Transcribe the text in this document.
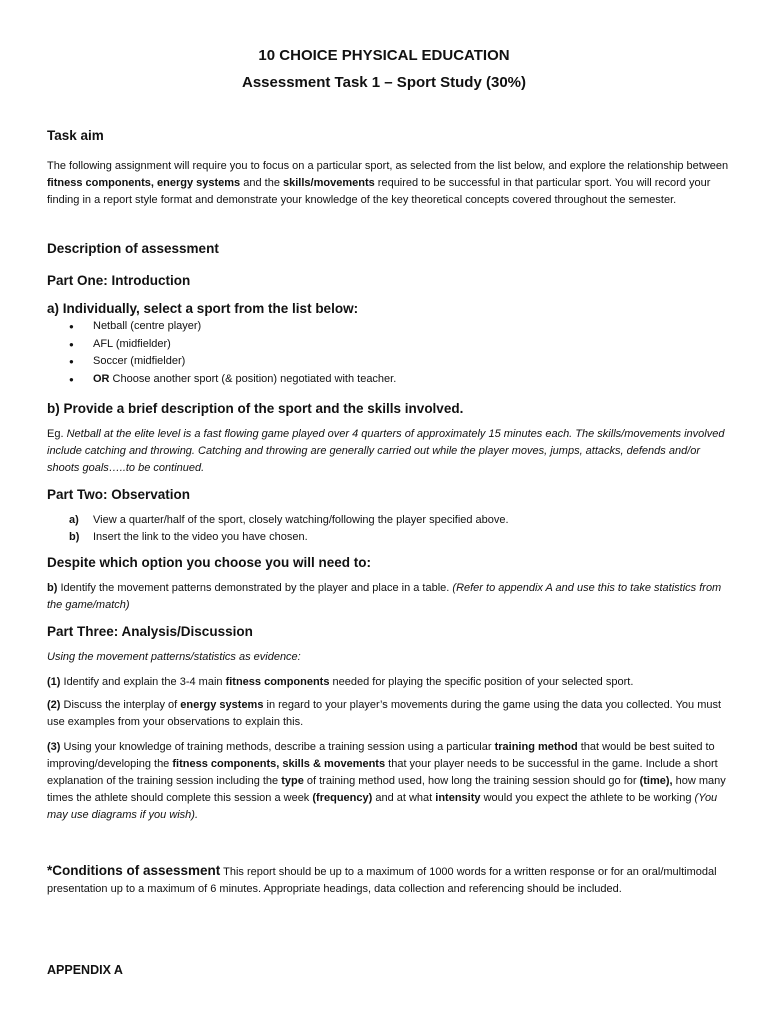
10 CHOICE PHYSICAL EDUCATION
Assessment Task 1 – Sport Study (30%)
Task aim
The following assignment will require you to focus on a particular sport, as selected from the list below, and explore the relationship between fitness components, energy systems and the skills/movements required to be successful in that particular sport. You will record your finding in a report style format and demonstrate your knowledge of the key theoretical concepts covered throughout the semester.
Description of assessment
Part One: Introduction
a) Individually, select a sport from the list below:
● Netball (centre player)
● AFL (midfielder)
● Soccer (midfielder)
● OR Choose another sport (& position) negotiated with teacher.
b) Provide a brief description of the sport and the skills involved.
Eg. Netball at the elite level is a fast flowing game played over 4 quarters of approximately 15 minutes each. The skills/movements involved include catching and throwing. Catching and throwing are generally carried out while the player moves, jumps, attacks, defends and/or shoots goals…..to be continued.
Part Two: Observation
a) View a quarter/half of the sport, closely watching/following the player specified above.
b) Insert the link to the video you have chosen.
Despite which option you choose you will need to:
b) Identify the movement patterns demonstrated by the player and place in a table. (Refer to appendix A and use this to take statistics from the game/match)
Part Three: Analysis/Discussion
Using the movement patterns/statistics as evidence:
(1) Identify and explain the 3-4 main fitness components needed for playing the specific position of your selected sport.
(2) Discuss the interplay of energy systems in regard to your player’s movements during the game using the data you collected. You must use examples from your observations to explain this.
(3) Using your knowledge of training methods, describe a training session using a particular training method that would be best suited to improving/developing the fitness components, skills & movements that your player needs to be successful in the game. Include a short explanation of the training session including the type of training method used, how long the training session should go for (time), how many times the athlete should complete this session a week (frequency) and at what intensity would you expect the athlete to be working (You may use diagrams if you wish).
*Conditions of assessment This report should be up to a maximum of 1000 words for a written response or for an oral/multimodal presentation up to a maximum of 6 minutes. Appropriate headings, data collection and referencing should be included.
APPENDIX A
